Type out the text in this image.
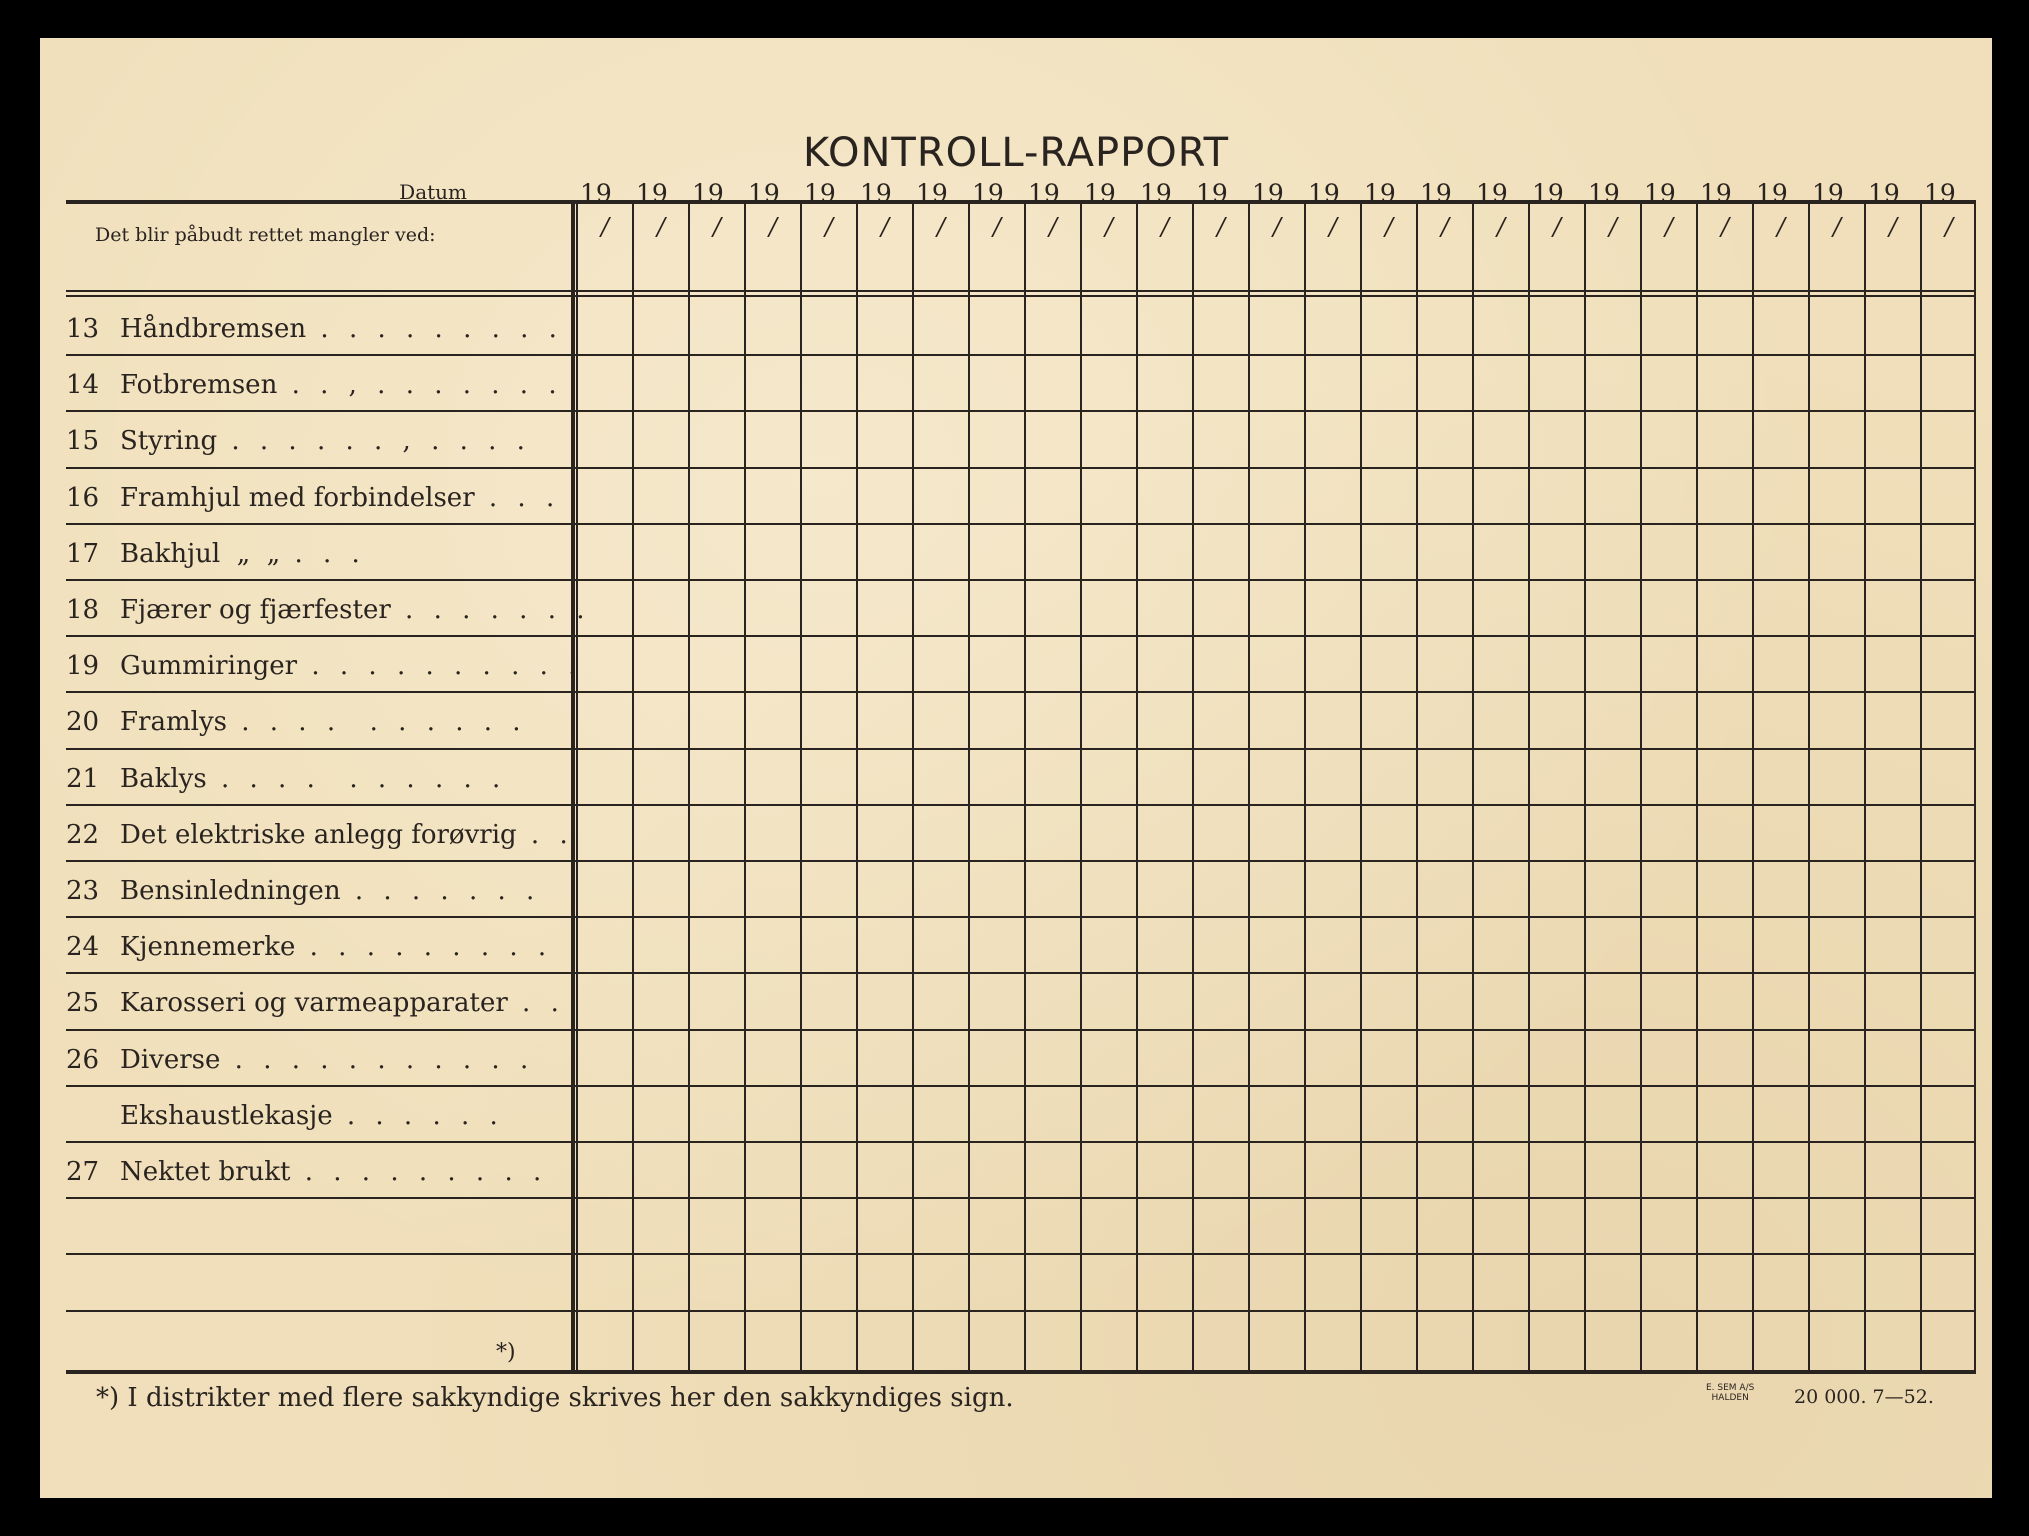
KONTROLL-RAPPORT
Datum
Det blir påbudt rettet mangler ved:
13 Håndbremsen . . . . . . . . .
14 Fotbremsen . . , . . . . . . .
15 Styring . . . . . . , . . . .
16 Framhjul med forbindelser . . .
17 Bakhjul  „  „ . . .
18 Fjærer og fjærfester . . . . . . .
19 Gummiringer . . . . . . . . . .
20 Framlys . . . .  . . . . . .
21 Baklys . . . .  . . . . . .
22 Det elektriske anlegg forøvrig . .
23 Bensinledningen . . . . . . .
24 Kjennemerke . . . . . . . . .
25 Karosseri og varmeapparater . .
26 Diverse . . . . . . . . . . .
Ekshaustlekasje . . . . . .
27 Nektet brukt . . . . . . . . .
*)
*) I distrikter med flere sakkyndige skrives her den sakkyndiges sign.	E. SEM A/S
HALDEN 20 000. 7—52.
19.....
/
19.....
/
19.....
/
19.....
/
19.....
/
19.....
/
19.....
/
19.....
/
19.....
/
19.....
/
19.....
/
19.....
/
19.....
/
19.....
/
19.....
/
19.....
/
19.....
/
19.....
/
19.....
/
19.....
/
19.....
/
19.....
/
19.....
/
19.....
/
19.....
/
